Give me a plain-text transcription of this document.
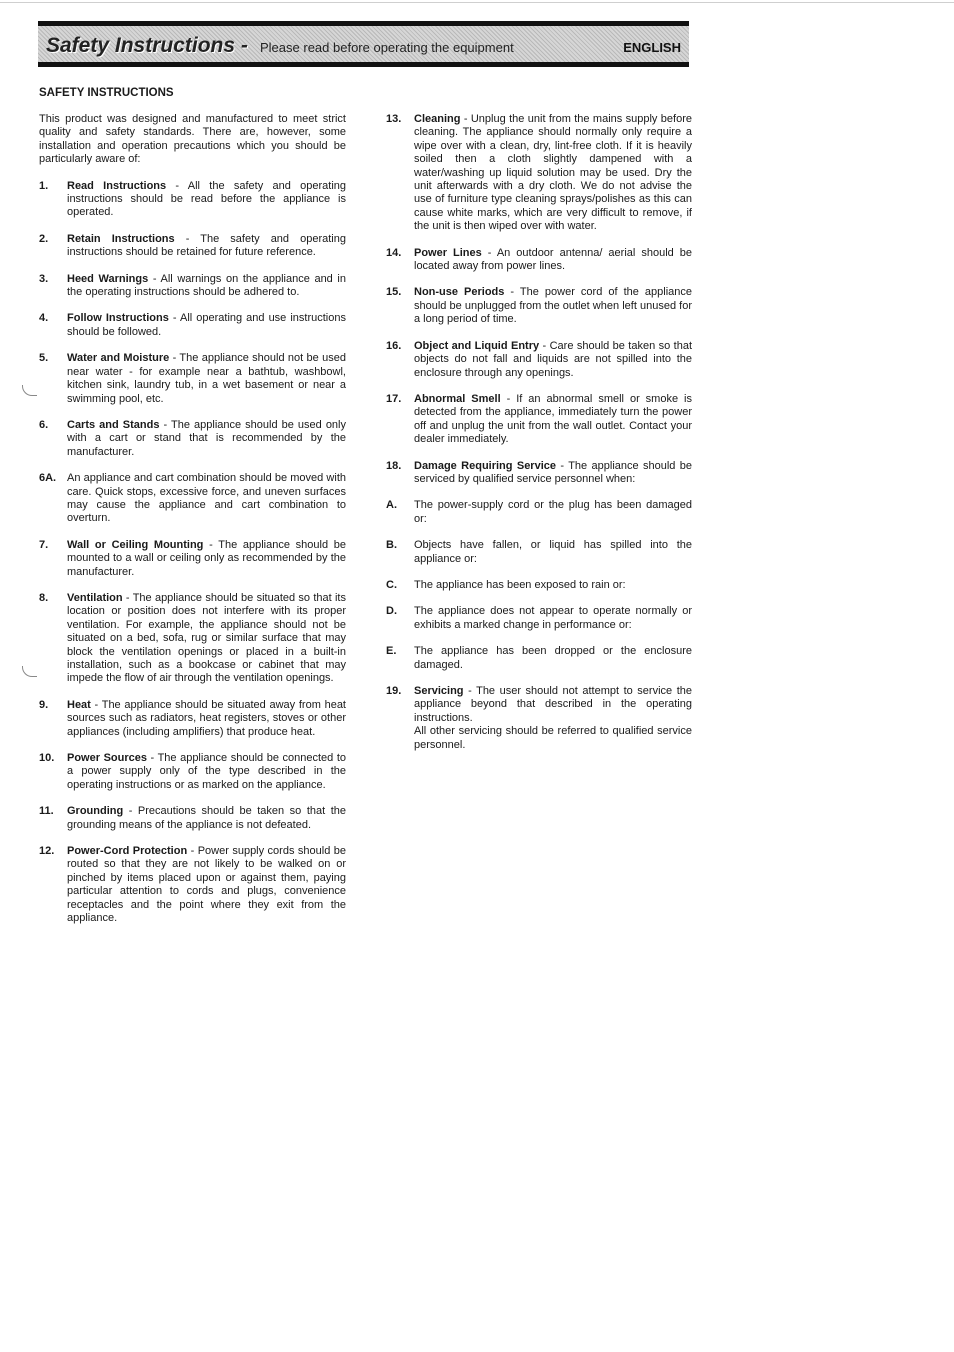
Safety Instructions - Please read before operating the equipment	ENGLISH
SAFETY INSTRUCTIONS

This product was designed and manufactured to meet strict quality and safety standards. There are, however, some installation and operation precautions which you should be particularly aware of:

1.	Read Instructions - All the safety and operating instructions should be read before the appliance is operated.
2.	Retain Instructions - The safety and operating instructions should be retained for future reference.
3.	Heed Warnings - All warnings on the appliance and in the operating instructions should be adhered to.
4.	Follow Instructions - All operating and use instructions should be followed.
5.	Water and Moisture - The appliance should not be used near water - for example near a bathtub, washbowl, kitchen sink, laundry tub, in a wet basement or near a swimming pool, etc.
6.	Carts and Stands - The appliance should be used only with a cart or stand that is recommended by the manufacturer.
6A. An appliance and cart combination should be moved with care. Quick stops, excessive force, and uneven surfaces may cause the appliance and cart combination to overturn.
7.	Wall or Ceiling Mounting - The appliance should be mounted to a wall or ceiling only as recommended by the manufacturer.
8.	Ventilation - The appliance should be situated so that its location or position does not interfere with its proper ventilation. For example, the appliance should not be situated on a bed, sofa, rug or similar surface that may block the ventilation openings or placed in a built-in installation, such as a bookcase or cabinet that may impede the flow of air through the ventilation openings.
9.	Heat - The appliance should be situated away from heat sources such as radiators, heat registers, stoves or other appliances (including amplifiers) that produce heat.
10.	Power Sources - The appliance should be connected to a power supply only of the type described in the operating instructions or as marked on the appliance.
11.	Grounding - Precautions should be taken so that the grounding means of the appliance is not defeated.
12.	Power-Cord Protection - Power supply cords should be routed so that they are not likely to be walked on or pinched by items placed upon or against them, paying particular attention to cords and plugs, convenience receptacles and the point where they exit from the appliance.
13.	Cleaning - Unplug the unit from the mains supply before cleaning. The appliance should normally only require a wipe over with a clean, dry, lint-free cloth. If it is heavily soiled then a cloth slightly dampened with a water/washing up liquid solution may be used. Dry the unit afterwards with a dry cloth. We do not advise the use of furniture type cleaning sprays/polishes as this can cause white marks, which are very difficult to remove, if the unit is then wiped over with water.
14.	Power Lines - An outdoor antenna/ aerial should be located away from power lines.
15.	Non-use Periods - The power cord of the appliance should be unplugged from the outlet when left unused for a long period of time.
16.	Object and Liquid Entry - Care should be taken so that objects do not fall and liquids are not spilled into the enclosure through any openings.
17.	Abnormal Smell - If an abnormal smell or smoke is detected from the appliance, immediately turn the power off and unplug the unit from the wall outlet. Contact your dealer immediately.
18.	Damage Requiring Service - The appliance should be serviced by qualified service personnel when:
A.	The power-supply cord or the plug has been damaged or:
B.	Objects have fallen, or liquid has spilled into the appliance or:
C.	The appliance has been exposed to rain or:
D.	The appliance does not appear to operate normally or exhibits a marked change in performance or:
E.	The appliance has been dropped or the enclosure damaged.
19.	Servicing - The user should not attempt to service the appliance beyond that described in the operating instructions.
All other servicing should be referred to qualified service personnel.
